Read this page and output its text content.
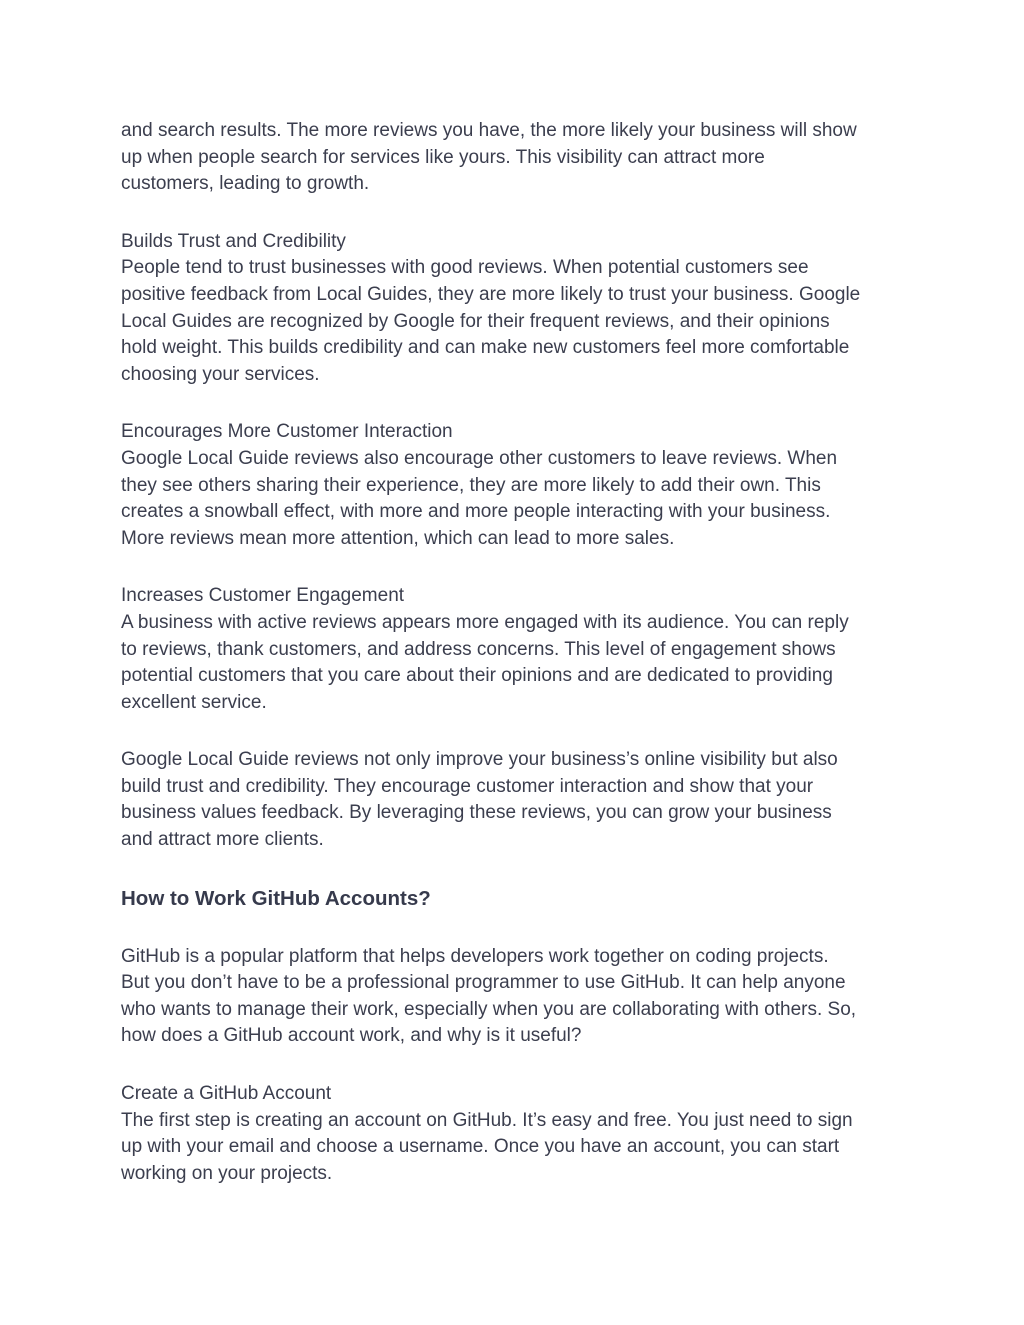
and search results. The more reviews you have, the more likely your business will show
up when people search for services like yours. This visibility can attract more
customers, leading to growth.
Builds Trust and Credibility
People tend to trust businesses with good reviews. When potential customers see
positive feedback from Local Guides, they are more likely to trust your business. Google
Local Guides are recognized by Google for their frequent reviews, and their opinions
hold weight. This builds credibility and can make new customers feel more comfortable
choosing your services.
Encourages More Customer Interaction
Google Local Guide reviews also encourage other customers to leave reviews. When
they see others sharing their experience, they are more likely to add their own. This
creates a snowball effect, with more and more people interacting with your business.
More reviews mean more attention, which can lead to more sales.
Increases Customer Engagement
A business with active reviews appears more engaged with its audience. You can reply
to reviews, thank customers, and address concerns. This level of engagement shows
potential customers that you care about their opinions and are dedicated to providing
excellent service.
Google Local Guide reviews not only improve your business’s online visibility but also
build trust and credibility. They encourage customer interaction and show that your
business values feedback. By leveraging these reviews, you can grow your business
and attract more clients.
How to Work GitHub Accounts?
GitHub is a popular platform that helps developers work together on coding projects.
But you don’t have to be a professional programmer to use GitHub. It can help anyone
who wants to manage their work, especially when you are collaborating with others. So,
how does a GitHub account work, and why is it useful?
Create a GitHub Account
The first step is creating an account on GitHub. It’s easy and free. You just need to sign
up with your email and choose a username. Once you have an account, you can start
working on your projects.
